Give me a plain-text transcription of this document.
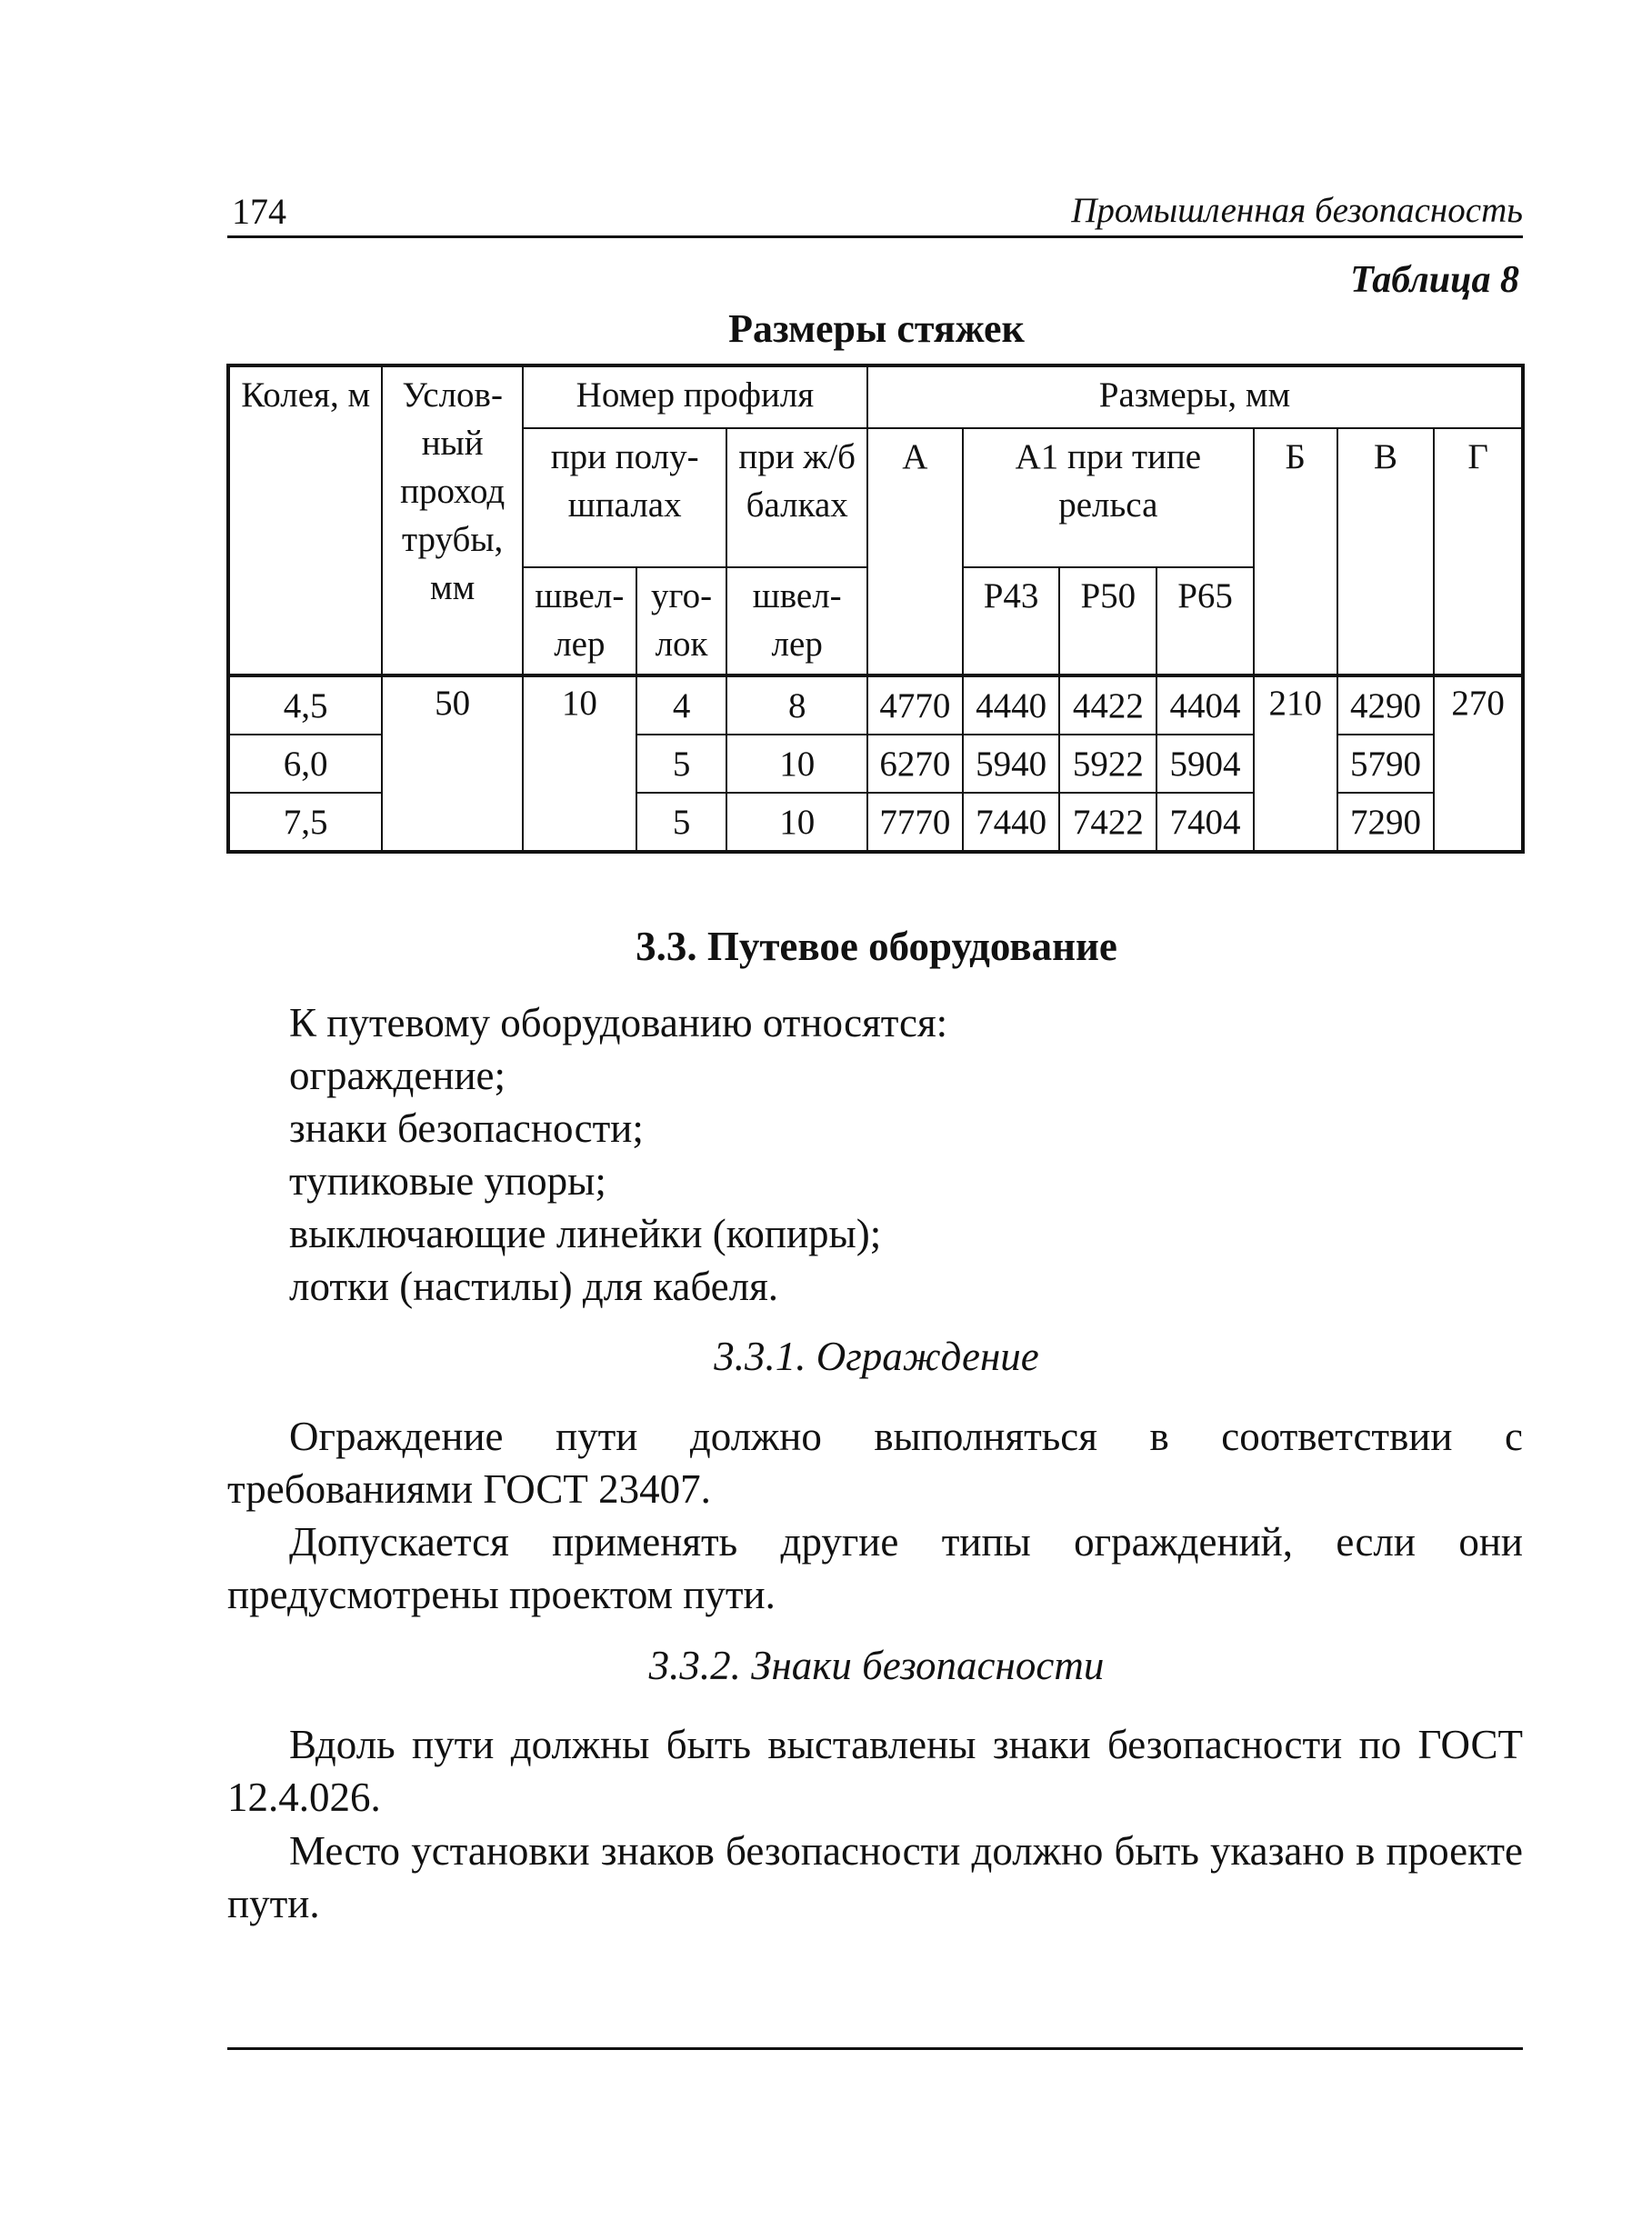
174	Промышленная безопасность
Таблица 8
Размеры стяжек
Колея, м	Услов-ный проход трубы, мм	Номер профиля			Размеры, мм						
		при полу-шпалах		при ж/б балках	А	А1 при типе рельса			Б	В	Г
		швел-лер	уго-лок	швел-лер		Р43	Р50	Р65			
4,5	50	10	4	8	4770	4440	4422	4404	210	4290	270
6,0			5	10	6270	5940	5922	5904		5790	
7,5			5	10	7770	7440	7422	7404		7290	
3.3. Путевое оборудование
К путевому оборудованию относятся:
ограждение;
знаки безопасности;
тупиковые упоры;
выключающие линейки (копиры);
лотки (настилы) для кабеля.
3.3.1. Ограждение
Ограждение пути должно выполняться в соответствии с требованиями ГОСТ 23407.
Допускается применять другие типы ограждений, если они предусмотрены проектом пути.
3.3.2. Знаки безопасности
Вдоль пути должны быть выставлены знаки безопасности по ГОСТ 12.4.026.
Место установки знаков безопасности должно быть указано в проекте пути.
